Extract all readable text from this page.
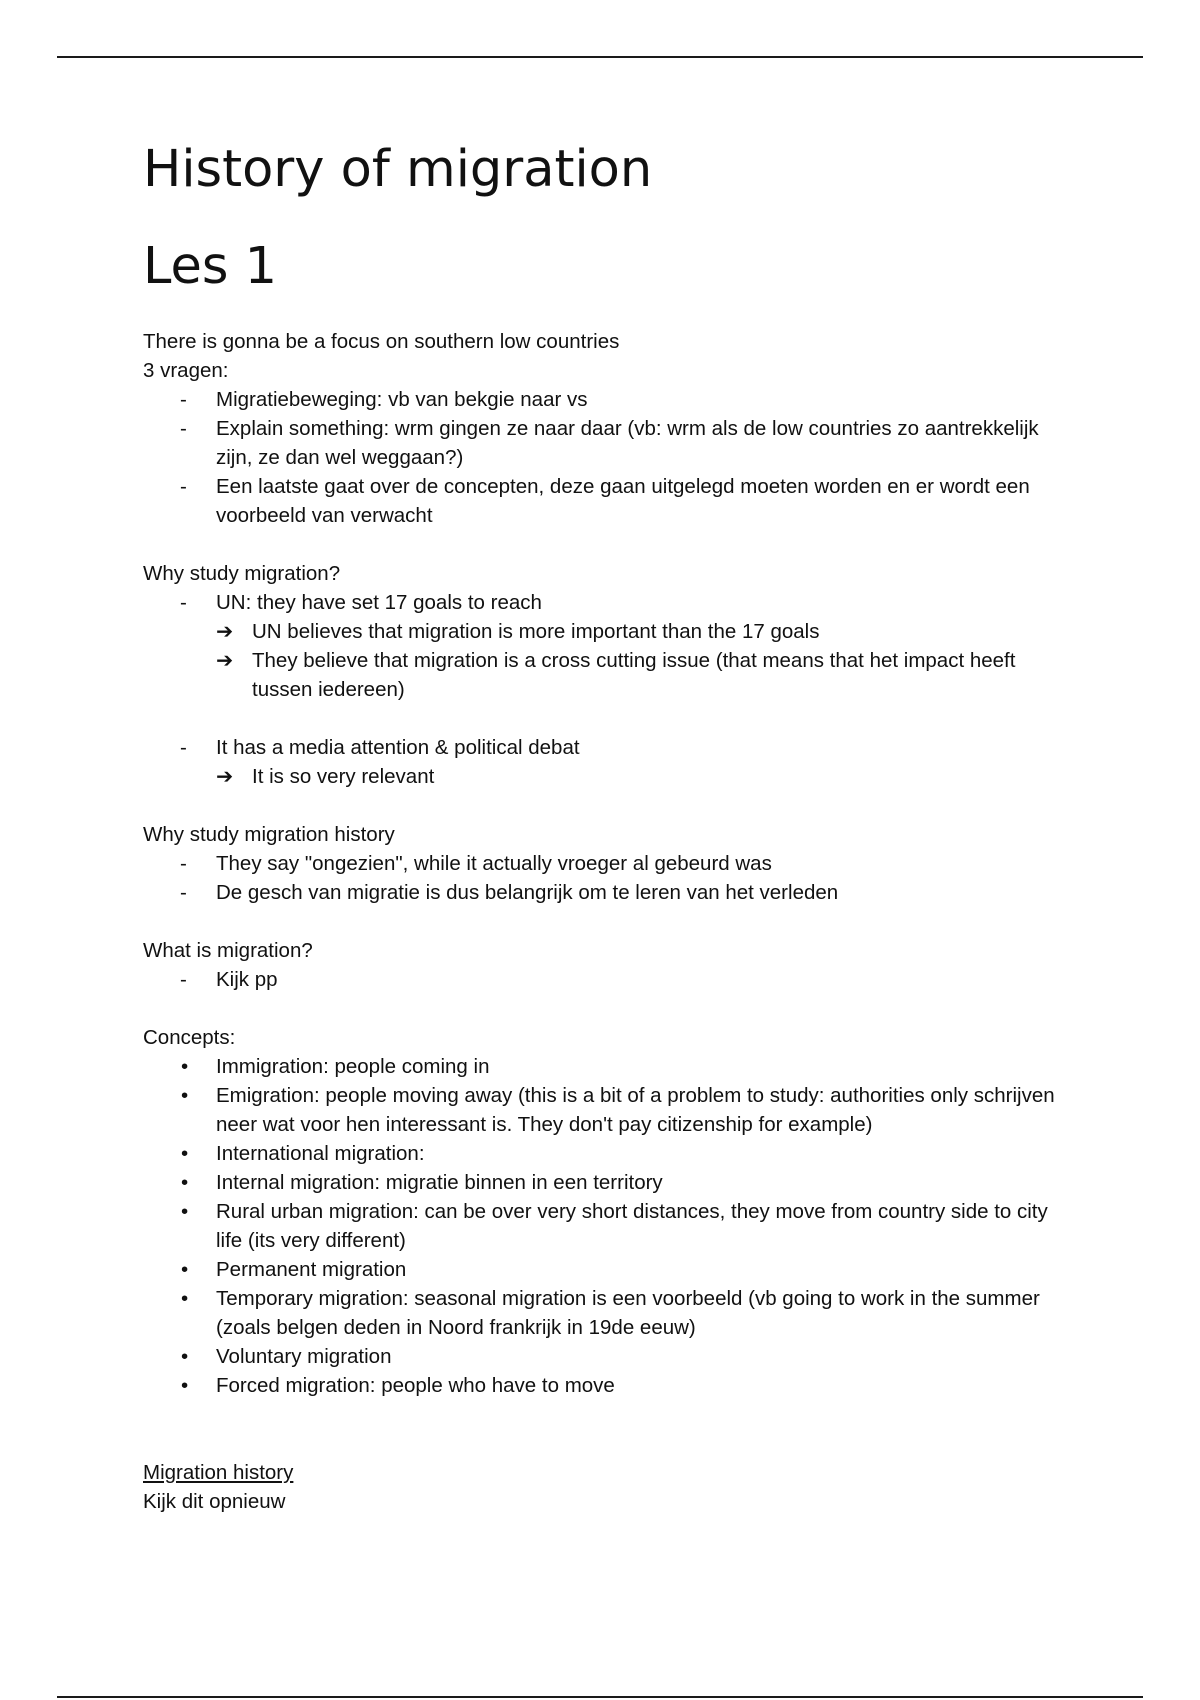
History of migration
Les 1

There is gonna be a focus on southern low countries

3 vragen:

- Migratiebeweging: vb van bekgie naar vs
- Explain something: wrm gingen ze naar daar (vb: wrm als de low countries zo aantrekkelijk zijn, ze dan wel weggaan?)
- Een laatste gaat over de concepten, deze gaan uitgelegd moeten worden en er wordt een voorbeeld van verwacht

Why study migration?

- UN: they have set 17 goals to reach
➔ UN believes that migration is more important than the 17 goals
➔ They believe that migration is a cross cutting issue (that means that het impact heeft tussen iedereen)
- It has a media attention & political debat
➔ It is so very relevant

Why study migration history

- They say "ongezien", while it actually vroeger al gebeurd was
- De gesch van migratie is dus belangrijk om te leren van het verleden

What is migration?

- Kijk pp

Concepts:

• Immigration: people coming in
• Emigration: people moving away (this is a bit of a problem to study: authorities only schrijven neer wat voor hen interessant is. They don't pay citizenship for example)
• International migration:
• Internal migration: migratie binnen in een territory
• Rural urban migration: can be over very short distances, they move from country side to city life (its very different)
• Permanent migration
• Temporary migration: seasonal migration is een voorbeeld (vb going to work in the summer (zoals belgen deden in Noord frankrijk in 19de eeuw)
• Voluntary migration
• Forced migration: people who have to move

Migration history

Kijk dit opnieuw
